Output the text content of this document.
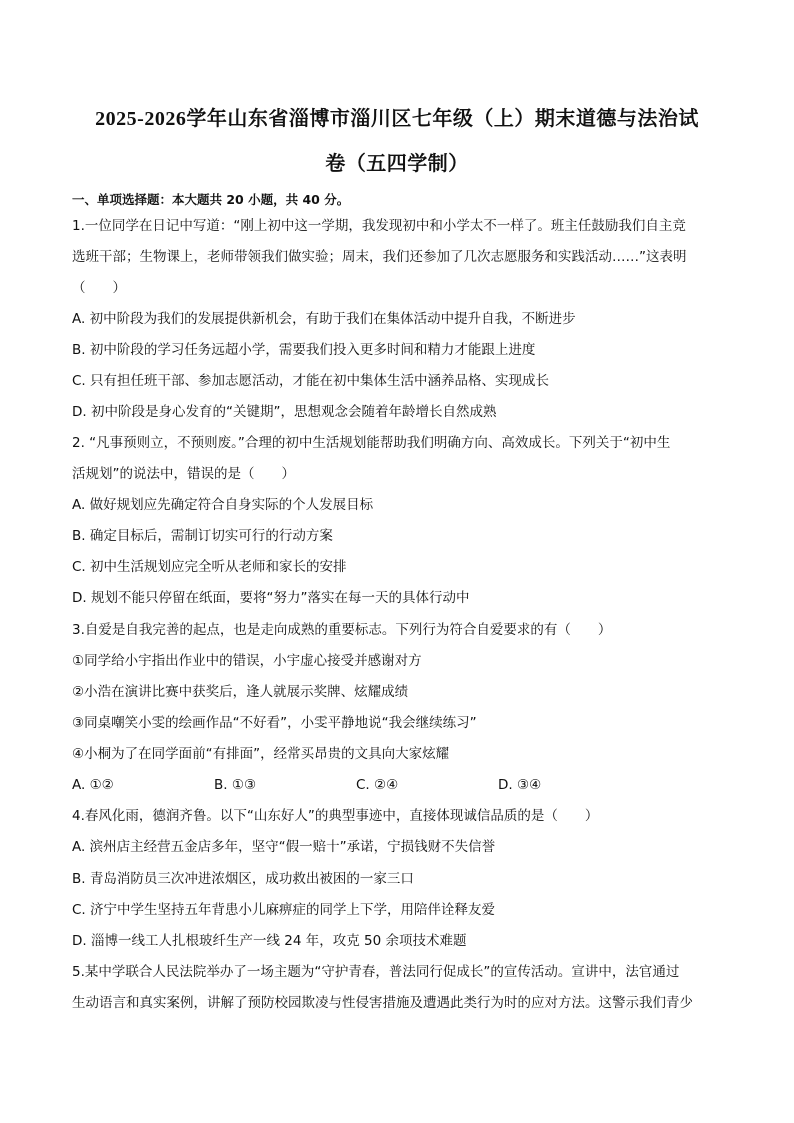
2025-2026学年山东省淄博市淄川区七年级（上）期末道德与法治试
卷（五四学制）
一、单项选择题：本大题共 20 小题，共 40 分。
1.一位同学在日记中写道：“刚上初中这一学期，我发现初中和小学太不一样了。班主任鼓励我们自主竞
选班干部；生物课上，老师带领我们做实验；周末，我们还参加了几次志愿服务和实践活动……”这表明
（　　）
A. 初中阶段为我们的发展提供新机会，有助于我们在集体活动中提升自我，不断进步
B. 初中阶段的学习任务远超小学，需要我们投入更多时间和精力才能跟上进度
C. 只有担任班干部、参加志愿活动，才能在初中集体生活中涵养品格、实现成长
D. 初中阶段是身心发育的“关键期”，思想观念会随着年龄增长自然成熟
2. “凡事预则立，不预则废。”合理的初中生活规划能帮助我们明确方向、高效成长。下列关于“初中生
活规划”的说法中，错误的是（　　）
A. 做好规划应先确定符合自身实际的个人发展目标
B. 确定目标后，需制订切实可行的行动方案
C. 初中生活规划应完全听从老师和家长的安排
D. 规划不能只停留在纸面，要将“努力”落实在每一天的具体行动中
3.自爱是自我完善的起点，也是走向成熟的重要标志。下列行为符合自爱要求的有（　　）
①同学给小宇指出作业中的错误，小宇虚心接受并感谢对方
②小浩在演讲比赛中获奖后，逢人就展示奖牌、炫耀成绩
③同桌嘲笑小雯的绘画作品“不好看”，小雯平静地说“我会继续练习”
④小桐为了在同学面前“有排面”，经常买昂贵的文具向大家炫耀
A. ①②	B. ①③	C. ②④	D. ③④
4.春风化雨，德润齐鲁。以下“山东好人”的典型事迹中，直接体现诚信品质的是（　　）
A. 滨州店主经营五金店多年，坚守“假一赔十”承诺，宁损钱财不失信誉
B. 青岛消防员三次冲进浓烟区，成功救出被困的一家三口
C. 济宁中学生坚持五年背患小儿麻痹症的同学上下学，用陪伴诠释友爱
D. 淄博一线工人扎根玻纤生产一线 24 年，攻克 50 余项技术难题
5.某中学联合人民法院举办了一场主题为“守护青春，普法同行促成长”的宣传活动。宣讲中，法官通过
生动语言和真实案例，讲解了预防校园欺凌与性侵害措施及遭遇此类行为时的应对方法。这警示我们青少
